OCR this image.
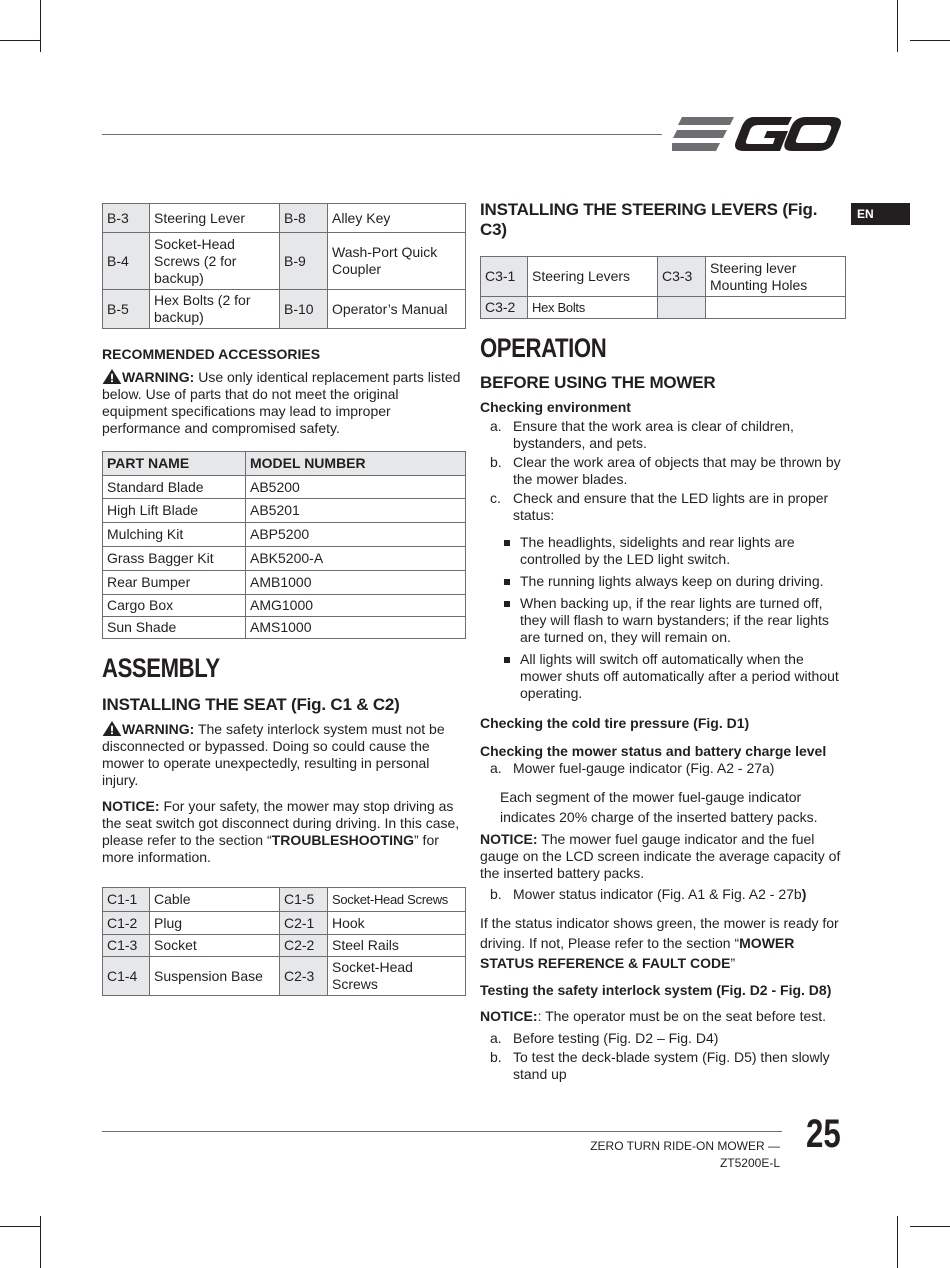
EN
B-3	Steering Lever	B-8	Alley Key
B-4	Socket-Head Screws (2 for backup)	B-9	Wash-Port Quick Coupler
B-5	Hex Bolts (2 for backup)	B-10	Operator’s Manual

RECOMMENDED ACCESSORIES

WARNING: Use only identical replacement parts listed below. Use of parts that do not meet the original equipment specifications may lead to improper performance and compromised safety.

PART NAME	MODEL NUMBER
Standard Blade	AB5200
High Lift Blade	AB5201
Mulching Kit	ABP5200
Grass Bagger Kit	ABK5200-A
Rear Bumper	AMB1000
Cargo Box	AMG1000
Sun Shade	AMS1000
ASSEMBLY
INSTALLING THE SEAT (Fig. C1 & C2)

WARNING: The safety interlock system must not be disconnected or bypassed. Doing so could cause the mower to operate unexpectedly, resulting in personal injury.

NOTICE: For your safety, the mower may stop driving as the seat switch got disconnect during driving. In this case, please refer to the section “TROUBLESHOOTING” for more information.

C1-1	Cable	C1-5	Socket-Head Screws
C1-2	Plug	C2-1	Hook
C1-3	Socket	C2-2	Steel Rails
C1-4	Suspension Base	C2-3	Socket-Head Screws
INSTALLING THE STEERING LEVERS (Fig. C3)
C3-1	Steering Levers	C3-3	Steering lever Mounting Holes
C3-2	Hex Bolts		
OPERATION
BEFORE USING THE MOWER

Checking environment

a. Ensure that the work area is clear of children, bystanders, and pets.
b. Clear the work area of objects that may be thrown by the mower blades.
c. Check and ensure that the LED lights are in proper status:
The headlights, sidelights and rear lights are controlled by the LED light switch.
The running lights always keep on during driving.
When backing up, if the rear lights are turned off, they will flash to warn bystanders; if the rear lights are turned on, they will remain on.
All lights will switch off automatically when the mower shuts off automatically after a period without operating.

Checking the cold tire pressure (Fig. D1)

Checking the mower status and battery charge level

a. Mower fuel-gauge indicator (Fig. A2 - 27a)

Each segment of the mower fuel-gauge indicator indicates 20% charge of the inserted battery packs.

NOTICE: The mower fuel gauge indicator and the fuel gauge on the LCD screen indicate the average capacity of the inserted battery packs.

b. Mower status indicator (Fig. A1 & Fig. A2 - 27b)

If the status indicator shows green, the mower is ready for driving. If not, Please refer to the section “MOWER STATUS REFERENCE & FAULT CODE”

Testing the safety interlock system (Fig. D2 - Fig. D8)

NOTICE:: The operator must be on the seat before test.

a. Before testing (Fig. D2 – Fig. D4)
b. To test the deck-blade system (Fig. D5) then slowly stand up
ZERO TURN RIDE-ON MOWER — ZT5200E-L
25
